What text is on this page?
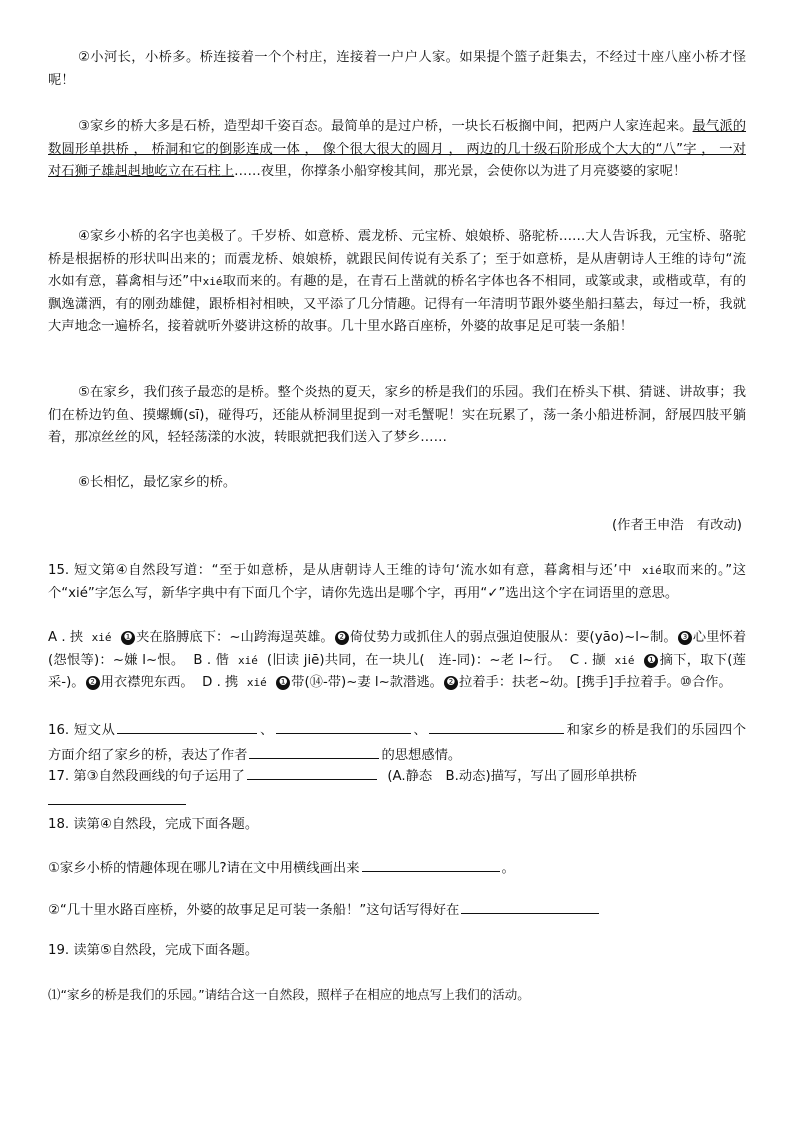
②小河长，小桥多。桥连接着一个个村庄，连接着一户户人家。如果提个篮子赶集去，不经过十座八座小桥才怪呢！
③家乡的桥大多是石桥，造型却千姿百态。最简单的是过户桥，一块长石板搁中间，把两户人家连起来。最气派的数圆形单拱桥 ， 桥洞和它的倒影连成一体 ， 像个很大很大的圆月 ， 两边的几十级石阶形成个大大的“八”字 ， 一对对石狮子雄赳赳地屹立在石柱上……夜里，你撑条小船穿梭其间，那光景，会使你以为进了月亮婆婆的家呢！
④家乡小桥的名字也美极了。千岁桥、如意桥、震龙桥、元宝桥、娘娘桥、骆驼桥……大人告诉我，元宝桥、骆驼桥是根据桥的形状叫出来的；而震龙桥、娘娘桥，就跟民间传说有关系了；至于如意桥，是从唐朝诗人王维的诗句“流水如有意，暮禽相与还”中xié取而来的。有趣的是，在青石上凿就的桥名字体也各不相同，或篆或隶，或楷或草，有的飘逸潇洒，有的刚劲雄健，跟桥相衬相映，又平添了几分情趣。记得有一年清明节跟外婆坐船扫墓去，每过一桥，我就大声地念一遍桥名，接着就听外婆讲这桥的故事。几十里水路百座桥，外婆的故事足足可装一条船！
⑤在家乡，我们孩子最恋的是桥。整个炎热的夏天，家乡的桥是我们的乐园。我们在桥头下棋、猜谜、讲故事；我们在桥边钓鱼、摸螺蛳(sī)，碰得巧，还能从桥洞里捉到一对毛蟹呢！实在玩累了，荡一条小船进桥洞，舒展四肢平躺着，那凉丝丝的风，轻轻荡漾的水波，转眼就把我们送入了梦乡……
⑥长相忆，最忆家乡的桥。
(作者王申浩　有改动)
15. 短文第④自然段写道：“至于如意桥，是从唐朝诗人王维的诗句‘流水如有意，暮禽相与还’中 xié取而来的。”这个“xié”字怎么写，新华字典中有下面几个字，请你先选出是哪个字，再用“✓”选出这个字在词语里的意思。
A . 挟 xié ❶ 夹在胳膊底下：~山跨海逞英雄。 ❷ 倚仗势力或抓住人的弱点强迫使服从：要(yāo)~l~制。 ❸ 心里怀着(怨恨等)：~嫌 l~恨。 B . 偕 xié (旧读 jiē)共同，在一块儿(　连-同)：~老 l~行。 C . 撷 xié ❶ 摘下，取下(莲采-)。 ❷ 用衣襟兜东西。 D . 携 xié ❶ 带(⑭-带)~妻 l~款潜逃。 ❷ 拉着手：扶老~幼。[携手]手拉着手。⑩合作。
16. 短文从	、	、	和家乡的桥是我们的乐园四个方面介绍了家乡的桥，表达了作者	的思想感情。
17. 第③自然段画线的句子运用了	(A.静态　B.动态)描写，写出了圆形单拱桥

18. 读第④自然段，完成下面各题。
①家乡小桥的情趣体现在哪儿?请在文中用横线画出来	。
②“几十里水路百座桥，外婆的故事足足可装一条船！”这句话写得好在
19. 读第⑤自然段，完成下面各题。
⑴“家乡的桥是我们的乐园。”请结合这一自然段，照样子在相应的地点写上我们的活动。
